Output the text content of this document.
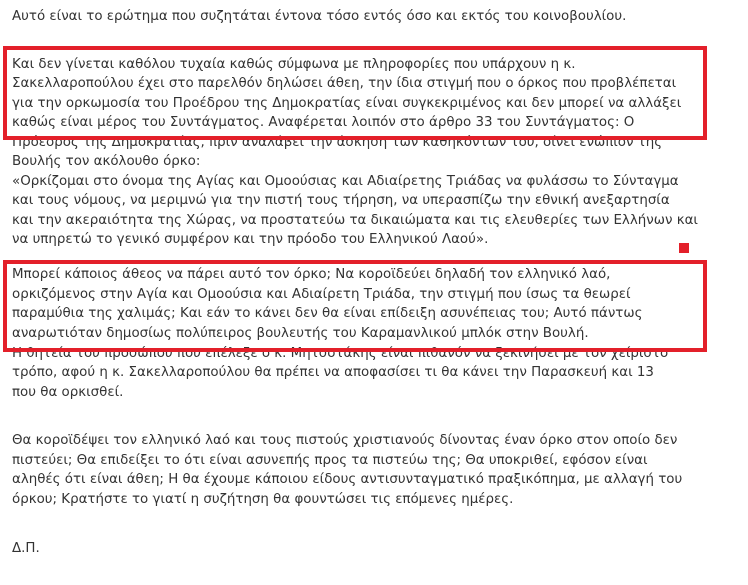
Αυτό είναι το ερώτημα που συζητάται έντονα τόσο εντός όσο και εκτός του κοινοβουλίου.
Και δεν γίνεται καθόλου τυχαία καθώς σύμφωνα με πληροφορίες που υπάρχουν η κ.
Σακελλαροπούλου έχει στο παρελθόν δηλώσει άθεη, την ίδια στιγμή που ο όρκος που προβλέπεται
για την ορκωμοσία του Προέδρου της Δημοκρατίας είναι συγκεκριμένος και δεν μπορεί να αλλάξει
καθώς είναι μέρος του Συντάγματος. Αναφέρεται λοιπόν στο άρθρο 33 του Συντάγματος: Ο
Πρόεδρος της Δημοκρατίας, πριν αναλάβει την άσκηση των καθηκόντων του, δίνει ενώπιον της
Βουλής τον ακόλουθο όρκο:
«Ορκίζομαι στο όνομα της Αγίας και Ομοούσιας και Αδιαίρετης Τριάδας να φυλάσσω το Σύνταγμα
και τους νόμους, να μεριμνώ για την πιστή τους τήρηση, να υπερασπίζω την εθνική ανεξαρτησία
και την ακεραιότητα της Χώρας, να προστατεύω τα δικαιώματα και τις ελευθερίες των Ελλήνων και
να υπηρετώ το γενικό συμφέρον και την πρόοδο του Ελληνικού Λαού».
Μπορεί κάποιος άθεος να πάρει αυτό τον όρκο; Να κοροϊδεύει δηλαδή τον ελληνικό λαό,
ορκιζόμενος στην Αγία και Ομοούσια και Αδιαίρετη Τριάδα, την στιγμή που ίσως τα θεωρεί
παραμύθια της χαλιμάς; Και εάν το κάνει δεν θα είναι επίδειξη ασυνέπειας του; Αυτό πάντως
αναρωτιόταν δημοσίως πολύπειρος βουλευτής του Καραμανλικού μπλόκ στην Βουλή.
Η θητεία του προσώπου που επέλεξε ο κ. Μητσοτάκης είναι πιθανόν να ξεκινήσει με τον χείριστο
τρόπο, αφού η κ. Σακελλαροπούλου θα πρέπει να αποφασίσει τι θα κάνει την Παρασκευή και 13
που θα ορκισθεί.
Θα κοροϊδέψει τον ελληνικό λαό και τους πιστούς χριστιανούς δίνοντας έναν όρκο στον οποίο δεν
πιστεύει; Θα επιδείξει το ότι είναι ασυνεπής προς τα πιστεύω της; Θα υποκριθεί, εφόσον είναι
αληθές ότι είναι άθεη; Η θα έχουμε κάποιου είδους αντισυνταγματικό πραξικόπημα, με αλλαγή του
όρκου; Κρατήστε το γιατί η συζήτηση θα φουντώσει τις επόμενες ημέρες.
Δ.Π.
